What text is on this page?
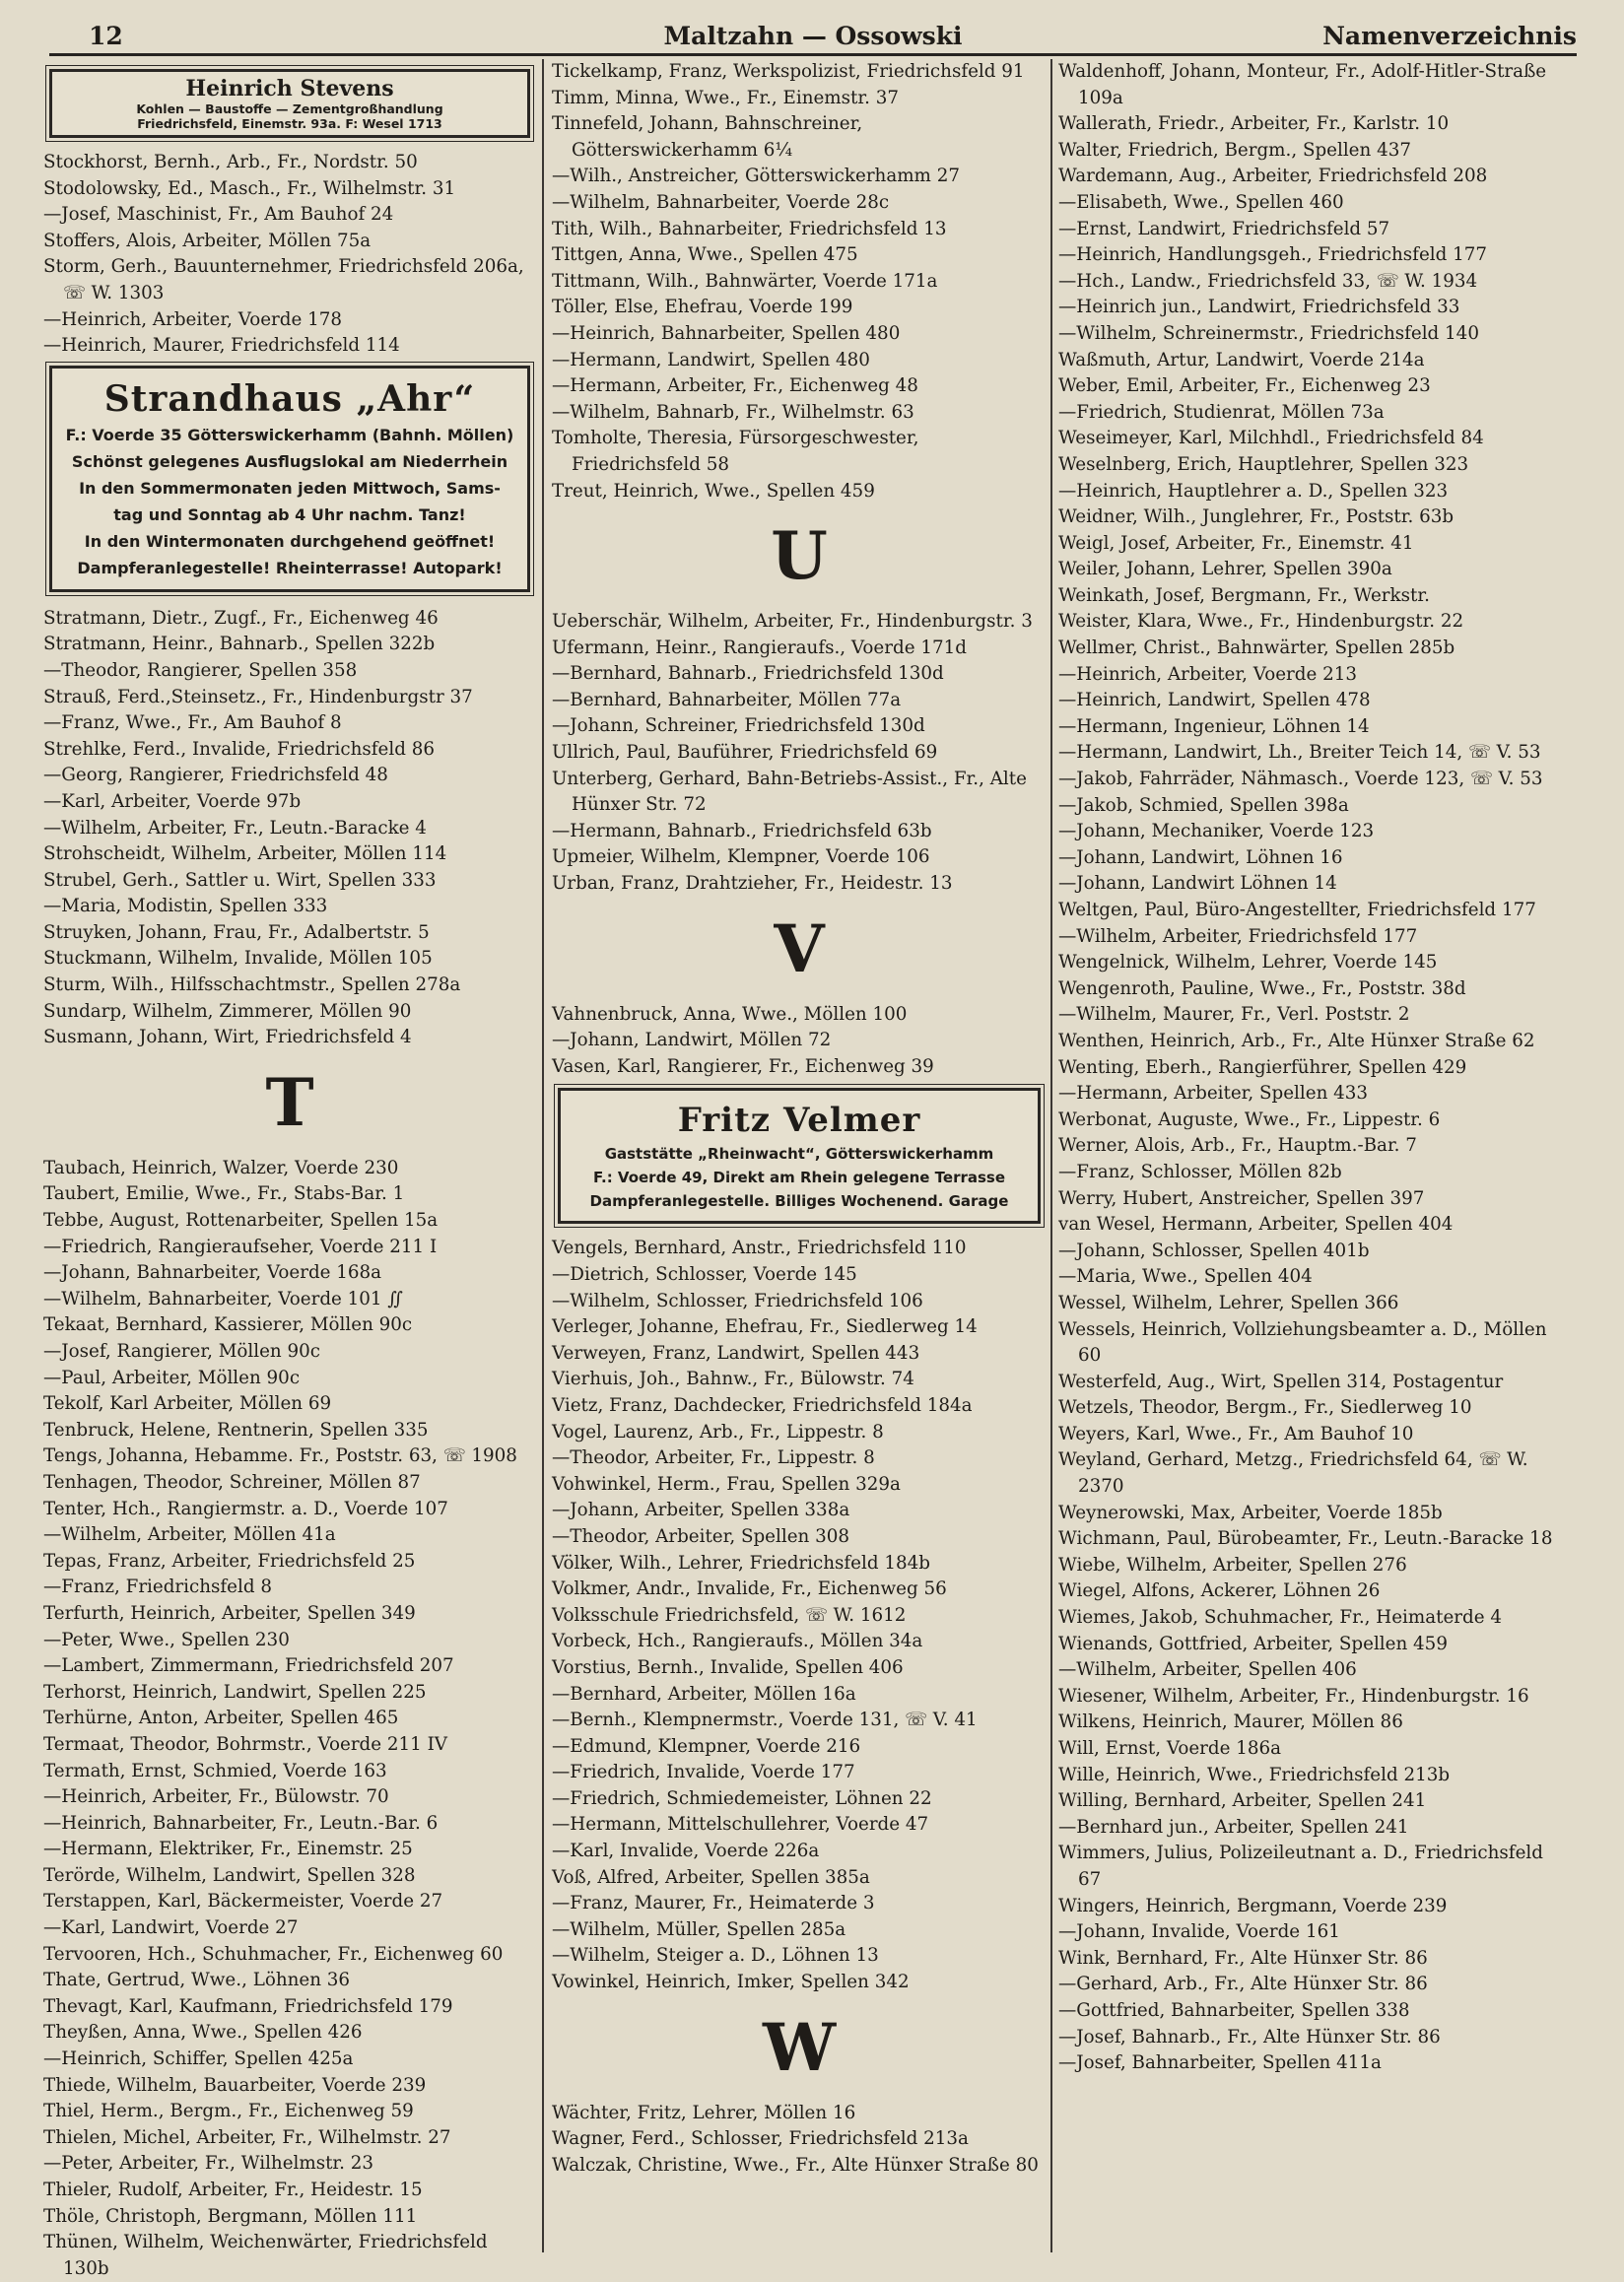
12	Maltzahn — Ossowski	Namenverzeichnis
Heinrich Stevens
Kohlen — Baustoffe — Zementgroßhandlung
Friedrichsfeld, Einemstr. 93a. F: Wesel 1713
Stockhorst, Bernh., Arb., Fr., Nordstr. 50
Stodolowsky, Ed., Masch., Fr., Wilhelmstr. 31
—Josef, Maschinist, Fr., Am Bauhof 24
Stoffers, Alois, Arbeiter, Möllen 75a
Storm, Gerh., Bauunternehmer, Friedrichsfeld 206a, ☏ W. 1303
—Heinrich, Arbeiter, Voerde 178
—Heinrich, Maurer, Friedrichsfeld 114
Strandhaus „Ahr“
F.: Voerde 35 Götterswickerhamm (Bahnh. Möllen)
Schönst gelegenes Ausflugslokal am Niederrhein
In den Sommermonaten jeden Mittwoch, Sams-
tag und Sonntag ab 4 Uhr nachm. Tanz!
In den Wintermonaten durchgehend geöffnet!
Dampferanlegestelle! Rheinterrasse! Autopark!
Stratmann, Dietr., Zugf., Fr., Eichenweg 46
Stratmann, Heinr., Bahnarb., Spellen 322b
—Theodor, Rangierer, Spellen 358
Strauß, Ferd.,Steinsetz., Fr., Hindenburgstr 37
—Franz, Wwe., Fr., Am Bauhof 8
Strehlke, Ferd., Invalide, Friedrichsfeld 86
—Georg, Rangierer, Friedrichsfeld 48
—Karl, Arbeiter, Voerde 97b
—Wilhelm, Arbeiter, Fr., Leutn.-Baracke 4
Strohscheidt, Wilhelm, Arbeiter, Möllen 114
Strubel, Gerh., Sattler u. Wirt, Spellen 333
—Maria, Modistin, Spellen 333
Struyken, Johann, Frau, Fr., Adalbertstr. 5
Stuckmann, Wilhelm, Invalide, Möllen 105
Sturm, Wilh., Hilfsschachtmstr., Spellen 278a
Sundarp, Wilhelm, Zimmerer, Möllen 90
Susmann, Johann, Wirt, Friedrichsfeld 4
T
Taubach, Heinrich, Walzer, Voerde 230
Taubert, Emilie, Wwe., Fr., Stabs-Bar. 1
Tebbe, August, Rottenarbeiter, Spellen 15a
—Friedrich, Rangieraufseher, Voerde 211 I
—Johann, Bahnarbeiter, Voerde 168a
—Wilhelm, Bahnarbeiter, Voerde 101 ∬
Tekaat, Bernhard, Kassierer, Möllen 90c
—Josef, Rangierer, Möllen 90c
—Paul, Arbeiter, Möllen 90c
Tekolf, Karl Arbeiter, Möllen 69
Tenbruck, Helene, Rentnerin, Spellen 335
Tengs, Johanna, Hebamme. Fr., Poststr. 63, ☏ 1908
Tenhagen, Theodor, Schreiner, Möllen 87
Tenter, Hch., Rangiermstr. a. D., Voerde 107
—Wilhelm, Arbeiter, Möllen 41a
Tepas, Franz, Arbeiter, Friedrichsfeld 25
—Franz, Friedrichsfeld 8
Terfurth, Heinrich, Arbeiter, Spellen 349
—Peter, Wwe., Spellen 230
—Lambert, Zimmermann, Friedrichsfeld 207
Terhorst, Heinrich, Landwirt, Spellen 225
Terhürne, Anton, Arbeiter, Spellen 465
Termaat, Theodor, Bohrmstr., Voerde 211 IV
Termath, Ernst, Schmied, Voerde 163
—Heinrich, Arbeiter, Fr., Bülowstr. 70
—Heinrich, Bahnarbeiter, Fr., Leutn.-Bar. 6
—Hermann, Elektriker, Fr., Einemstr. 25
Terörde, Wilhelm, Landwirt, Spellen 328
Terstappen, Karl, Bäckermeister, Voerde 27
—Karl, Landwirt, Voerde 27
Tervooren, Hch., Schuhmacher, Fr., Eichenweg 60
Thate, Gertrud, Wwe., Löhnen 36
Thevagt, Karl, Kaufmann, Friedrichsfeld 179
Theyßen, Anna, Wwe., Spellen 426
—Heinrich, Schiffer, Spellen 425a
Thiede, Wilhelm, Bauarbeiter, Voerde 239
Thiel, Herm., Bergm., Fr., Eichenweg 59
Thielen, Michel, Arbeiter, Fr., Wilhelmstr. 27
—Peter, Arbeiter, Fr., Wilhelmstr. 23
Thieler, Rudolf, Arbeiter, Fr., Heidestr. 15
Thöle, Christoph, Bergmann, Möllen 111
Thünen, Wilhelm, Weichenwärter, Friedrichsfeld 130b
Tickelkamp, Franz, Werkspolizist, Friedrichsfeld 91
Timm, Minna, Wwe., Fr., Einemstr. 37
Tinnefeld, Johann, Bahnschreiner, Götterswickerhamm 6¼
—Wilh., Anstreicher, Götterswickerhamm 27
—Wilhelm, Bahnarbeiter, Voerde 28c
Tith, Wilh., Bahnarbeiter, Friedrichsfeld 13
Tittgen, Anna, Wwe., Spellen 475
Tittmann, Wilh., Bahnwärter, Voerde 171a
Töller, Else, Ehefrau, Voerde 199
—Heinrich, Bahnarbeiter, Spellen 480
—Hermann, Landwirt, Spellen 480
—Hermann, Arbeiter, Fr., Eichenweg 48
—Wilhelm, Bahnarb, Fr., Wilhelmstr. 63
Tomholte, Theresia, Fürsorgeschwester, Friedrichsfeld 58
Treut, Heinrich, Wwe., Spellen 459
U
Ueberschär, Wilhelm, Arbeiter, Fr., Hindenburgstr. 3
Ufermann, Heinr., Rangieraufs., Voerde 171d
—Bernhard, Bahnarb., Friedrichsfeld 130d
—Bernhard, Bahnarbeiter, Möllen 77a
—Johann, Schreiner, Friedrichsfeld 130d
Ullrich, Paul, Bauführer, Friedrichsfeld 69
Unterberg, Gerhard, Bahn-Betriebs-Assist., Fr., Alte Hünxer Str. 72
—Hermann, Bahnarb., Friedrichsfeld 63b
Upmeier, Wilhelm, Klempner, Voerde 106
Urban, Franz, Drahtzieher, Fr., Heidestr. 13
V
Vahnenbruck, Anna, Wwe., Möllen 100
—Johann, Landwirt, Möllen 72
Vasen, Karl, Rangierer, Fr., Eichenweg 39
Fritz Velmer
Gaststätte „Rheinwacht“, Götterswickerhamm
F.: Voerde 49, Direkt am Rhein gelegene Terrasse
Dampferanlegestelle. Billiges Wochenend. Garage
Vengels, Bernhard, Anstr., Friedrichsfeld 110
—Dietrich, Schlosser, Voerde 145
—Wilhelm, Schlosser, Friedrichsfeld 106
Verleger, Johanne, Ehefrau, Fr., Siedlerweg 14
Verweyen, Franz, Landwirt, Spellen 443
Vierhuis, Joh., Bahnw., Fr., Bülowstr. 74
Vietz, Franz, Dachdecker, Friedrichsfeld 184a
Vogel, Laurenz, Arb., Fr., Lippestr. 8
—Theodor, Arbeiter, Fr., Lippestr. 8
Vohwinkel, Herm., Frau, Spellen 329a
—Johann, Arbeiter, Spellen 338a
—Theodor, Arbeiter, Spellen 308
Völker, Wilh., Lehrer, Friedrichsfeld 184b
Volkmer, Andr., Invalide, Fr., Eichenweg 56
Volksschule Friedrichsfeld, ☏ W. 1612
Vorbeck, Hch., Rangieraufs., Möllen 34a
Vorstius, Bernh., Invalide, Spellen 406
—Bernhard, Arbeiter, Möllen 16a
—Bernh., Klempnermstr., Voerde 131, ☏ V. 41
—Edmund, Klempner, Voerde 216
—Friedrich, Invalide, Voerde 177
—Friedrich, Schmiedemeister, Löhnen 22
—Hermann, Mittelschullehrer, Voerde 47
—Karl, Invalide, Voerde 226a
Voß, Alfred, Arbeiter, Spellen 385a
—Franz, Maurer, Fr., Heimaterde 3
—Wilhelm, Müller, Spellen 285a
—Wilhelm, Steiger a. D., Löhnen 13
Vowinkel, Heinrich, Imker, Spellen 342
W
Wächter, Fritz, Lehrer, Möllen 16
Wagner, Ferd., Schlosser, Friedrichsfeld 213a
Walczak, Christine, Wwe., Fr., Alte Hünxer Straße 80
Waldenhoff, Johann, Monteur, Fr., Adolf-Hitler-Straße 109a
Wallerath, Friedr., Arbeiter, Fr., Karlstr. 10
Walter, Friedrich, Bergm., Spellen 437
Wardemann, Aug., Arbeiter, Friedrichsfeld 208
—Elisabeth, Wwe., Spellen 460
—Ernst, Landwirt, Friedrichsfeld 57
—Heinrich, Handlungsgeh., Friedrichsfeld 177
—Hch., Landw., Friedrichsfeld 33, ☏ W. 1934
—Heinrich jun., Landwirt, Friedrichsfeld 33
—Wilhelm, Schreinermstr., Friedrichsfeld 140
Waßmuth, Artur, Landwirt, Voerde 214a
Weber, Emil, Arbeiter, Fr., Eichenweg 23
—Friedrich, Studienrat, Möllen 73a
Weseimeyer, Karl, Milchhdl., Friedrichsfeld 84
Weselnberg, Erich, Hauptlehrer, Spellen 323
—Heinrich, Hauptlehrer a. D., Spellen 323
Weidner, Wilh., Junglehrer, Fr., Poststr. 63b
Weigl, Josef, Arbeiter, Fr., Einemstr. 41
Weiler, Johann, Lehrer, Spellen 390a
Weinkath, Josef, Bergmann, Fr., Werkstr.
Weister, Klara, Wwe., Fr., Hindenburgstr. 22
Wellmer, Christ., Bahnwärter, Spellen 285b
—Heinrich, Arbeiter, Voerde 213
—Heinrich, Landwirt, Spellen 478
—Hermann, Ingenieur, Löhnen 14
—Hermann, Landwirt, Lh., Breiter Teich 14, ☏ V. 53
—Jakob, Fahrräder, Nähmasch., Voerde 123, ☏ V. 53
—Jakob, Schmied, Spellen 398a
—Johann, Mechaniker, Voerde 123
—Johann, Landwirt, Löhnen 16
—Johann, Landwirt Löhnen 14
Weltgen, Paul, Büro-Angestellter, Friedrichsfeld 177
—Wilhelm, Arbeiter, Friedrichsfeld 177
Wengelnick, Wilhelm, Lehrer, Voerde 145
Wengenroth, Pauline, Wwe., Fr., Poststr. 38d
—Wilhelm, Maurer, Fr., Verl. Poststr. 2
Wenthen, Heinrich, Arb., Fr., Alte Hünxer Straße 62
Wenting, Eberh., Rangierführer, Spellen 429
—Hermann, Arbeiter, Spellen 433
Werbonat, Auguste, Wwe., Fr., Lippestr. 6
Werner, Alois, Arb., Fr., Hauptm.-Bar. 7
—Franz, Schlosser, Möllen 82b
Werry, Hubert, Anstreicher, Spellen 397
van Wesel, Hermann, Arbeiter, Spellen 404
—Johann, Schlosser, Spellen 401b
—Maria, Wwe., Spellen 404
Wessel, Wilhelm, Lehrer, Spellen 366
Wessels, Heinrich, Vollziehungsbeamter a. D., Möllen 60
Westerfeld, Aug., Wirt, Spellen 314, Postagentur
Wetzels, Theodor, Bergm., Fr., Siedlerweg 10
Weyers, Karl, Wwe., Fr., Am Bauhof 10
Weyland, Gerhard, Metzg., Friedrichsfeld 64, ☏ W. 2370
Weynerowski, Max, Arbeiter, Voerde 185b
Wichmann, Paul, Bürobeamter, Fr., Leutn.-Baracke 18
Wiebe, Wilhelm, Arbeiter, Spellen 276
Wiegel, Alfons, Ackerer, Löhnen 26
Wiemes, Jakob, Schuhmacher, Fr., Heimaterde 4
Wienands, Gottfried, Arbeiter, Spellen 459
—Wilhelm, Arbeiter, Spellen 406
Wiesener, Wilhelm, Arbeiter, Fr., Hindenburgstr. 16
Wilkens, Heinrich, Maurer, Möllen 86
Will, Ernst, Voerde 186a
Wille, Heinrich, Wwe., Friedrichsfeld 213b
Willing, Bernhard, Arbeiter, Spellen 241
—Bernhard jun., Arbeiter, Spellen 241
Wimmers, Julius, Polizeileutnant a. D., Friedrichsfeld 67
Wingers, Heinrich, Bergmann, Voerde 239
—Johann, Invalide, Voerde 161
Wink, Bernhard, Fr., Alte Hünxer Str. 86
—Gerhard, Arb., Fr., Alte Hünxer Str. 86
—Gottfried, Bahnarbeiter, Spellen 338
—Josef, Bahnarb., Fr., Alte Hünxer Str. 86
—Josef, Bahnarbeiter, Spellen 411a
